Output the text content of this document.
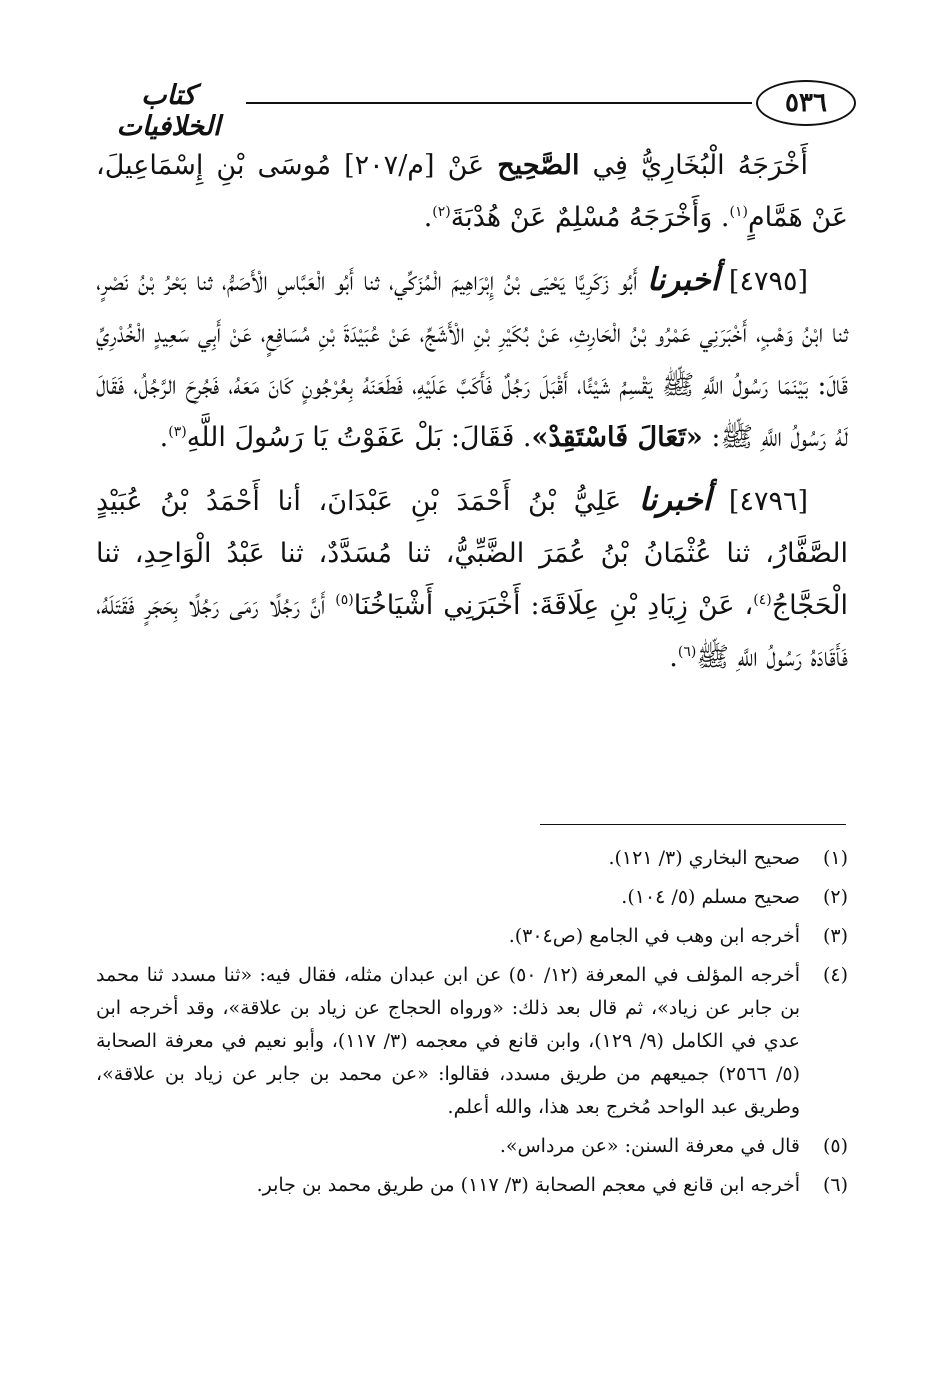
كتاب الخلافيات
٥٣٦

أَخْرَجَهُ الْبُخَارِيُّ فِي الصَّحِيح عَنْ [م/٢٠٧] مُوسَى بْنِ إِسْمَاعِيلَ، عَنْ هَمَّامٍ$^{(١)}$. وَأَخْرَجَهُ مُسْلِمٌ عَنْ هُدْبَةَ$^{(٢)}$.

[٤٧٩٥] أخبرنا أَبُو زَكَرِيَّا يَحْيَى بْنُ إِبْرَاهِيمَ الْمُزَكِّي، ثنا أَبُو الْعَبَّاسِ الْأَصَمُّ، ثنا بَحْرُ بْنُ نَصْرٍ، ثنا ابْنُ وَهْبٍ، أَخْبَرَنِي عَمْرُو بْنُ الْحَارِثِ، عَنْ بُكَيْرِ بْنِ الْأَشَجِّ، عَنْ عُبَيْدَةَ بْنِ مُسَافِعٍ، عَنْ أَبِي سَعِيدٍ الْخُدْرِيِّ قَالَ: بَيْنَمَا رَسُولُ اللَّهِ ﷺ يَقْسِمُ شَيْئًا، أَقْبَلَ رَجُلٌ فَأَكَبَّ عَلَيْهِ، فَطَعَنَهُ بِعُرْجُونٍ كَانَ مَعَهُ، فَجُرِحَ الرَّجُلُ، فَقَالَ لَهُ رَسُولُ اللَّهِ ﷺ: «تَعَالَ فَاسْتَقِدْ». فَقَالَ: بَلْ عَفَوْتُ يَا رَسُولَ اللَّهِ$^{(٣)}$.

[٤٧٩٦] أخبرنا عَلِيُّ بْنُ أَحْمَدَ بْنِ عَبْدَانَ، أنا أَحْمَدُ بْنُ عُبَيْدٍ الصَّفَّارُ، ثنا عُثْمَانُ بْنُ عُمَرَ الضَّبِّيُّ، ثنا مُسَدَّدٌ، ثنا عَبْدُ الْوَاحِدِ، ثنا الْحَجَّاجُ$^{(٤)}$، عَنْ زِيَادِ بْنِ عِلَاقَةَ: أَخْبَرَنِي أَشْيَاخُنَا$^{(٥)}$ أَنَّ رَجُلًا رَمَى رَجُلًا بِحَجَرٍ فَقَتَلَهُ، فَأَقَادَهُ رَسُولُ اللَّهِ ﷺ$^{(٦)}$.

(١)
صحيح البخاري (٣/ ١٢١).
(٢)
صحيح مسلم (٥/ ١٠٤).
(٣)
أخرجه ابن وهب في الجامع (ص٣٠٤).
(٤)
أخرجه المؤلف في المعرفة (١٢/ ٥٠) عن ابن عبدان مثله، فقال فيه: «ثنا مسدد ثنا محمد بن جابر عن زياد»، ثم قال بعد ذلك: «ورواه الحجاج عن زياد بن علاقة»، وقد أخرجه ابن عدي في الكامل (٩/ ١٢٩)، وابن قانع في معجمه (٣/ ١١٧)، وأبو نعيم في معرفة الصحابة (٥/ ٢٥٦٦) جميعهم من طريق مسدد، فقالوا: «عن محمد بن جابر عن زياد بن علاقة»، وطريق عبد الواحد مُخرج بعد هذا، والله أعلم.
(٥)
قال في معرفة السنن: «عن مرداس».
(٦)
أخرجه ابن قانع في معجم الصحابة (٣/ ١١٧) من طريق محمد بن جابر.
